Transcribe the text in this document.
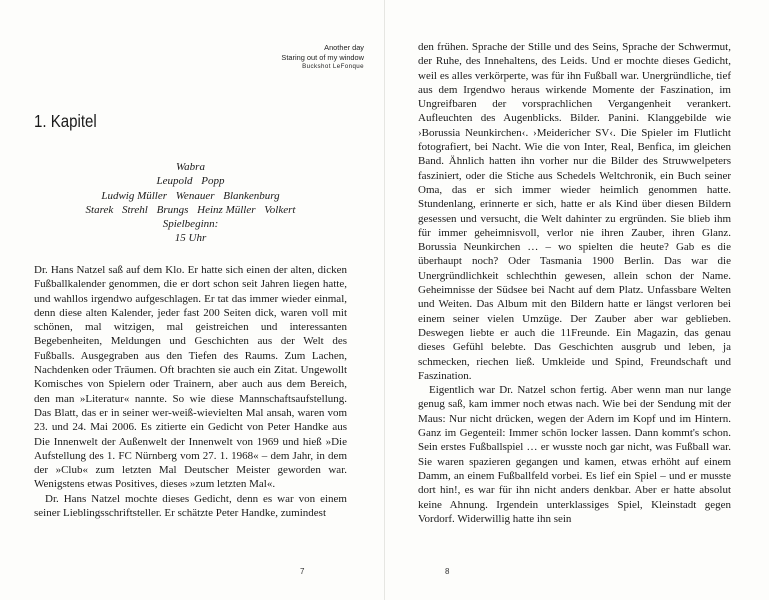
Another day
Staring out of my window
Buckshot LeFonque
1. Kapitel
Wabra
Leupold Popp
Ludwig Müller Wenauer Blankenburg
Starek Strehl Brungs Heinz Müller Volkert
Spielbeginn:
15 Uhr

Dr. Hans Natzel saß auf dem Klo. Er hatte sich einen der alten, dicken Fußballkalender genommen, die er dort schon seit Jahren liegen hatte, und wahllos irgendwo aufgeschlagen. Er tat das immer wieder einmal, denn diese alten Kalender, jeder fast 200 Seiten dick, waren voll mit schönen, mal witzigen, mal geistreichen und interessanten Begebenheiten, Meldungen und Geschichten aus der Welt des Fußballs. Ausgegraben aus den Tiefen des Raums. Zum Lachen, Nachdenken oder Träumen. Oft brachten sie auch ein Zitat. Ungewollt Komisches von Spielern oder Trainern, aber auch aus dem Bereich, den man »Literatur« nannte. So wie diese Mannschaftsaufstellung. Das Blatt, das er in seiner wer-weiß-wievielten Mal ansah, waren vom 23. und 24. Mai 2006. Es zitierte ein Gedicht von Peter Handke aus Die Innenwelt der Außenwelt der Innenwelt von 1969 und hieß »Die Aufstellung des 1. FC Nürnberg vom 27. 1. 1968« – dem Jahr, in dem der »Club« zum letzten Mal Deutscher Meister geworden war. Wenigstens etwas Positives, dieses »zum letzten Mal«.

Dr. Hans Natzel mochte dieses Gedicht, denn es war von einem seiner Lieblingsschriftsteller. Er schätzte Peter Handke, zumindest

7

den frühen. Sprache der Stille und des Seins, Sprache der Schwermut, der Ruhe, des Innehaltens, des Leids. Und er mochte dieses Gedicht, weil es alles verkörperte, was für ihn Fußball war. Unergründliche, tief aus dem Irgendwo heraus wirkende Momente der Faszination, im Ungreifbaren der vorsprachlichen Vergangenheit verankert. Aufleuchten des Augenblicks. Bilder. Panini. Klanggebilde wie ›Borussia Neunkirchen‹. ›Meidericher SV‹. Die Spieler im Flutlicht fotografiert, bei Nacht. Wie die von Inter, Real, Benfica, im gleichen Band. Ähnlich hatten ihn vorher nur die Bilder des Struwwelpeters fasziniert, oder die Stiche aus Schedels Weltchronik, ein Buch seiner Oma, das er sich immer wieder heimlich genommen hatte. Stundenlang, erinnerte er sich, hatte er als Kind über diesen Bildern gesessen und versucht, die Welt dahinter zu ergründen. Sie blieb ihm für immer geheimnisvoll, verlor nie ihren Zauber, ihren Glanz. Borussia Neunkirchen … – wo spielten die heute? Gab es die überhaupt noch? Oder Tasmania 1900 Berlin. Das war die Unergründlichkeit schlechthin gewesen, allein schon der Name. Geheimnisse der Südsee bei Nacht auf dem Platz. Unfassbare Welten und Weiten. Das Album mit den Bildern hatte er längst verloren bei einem seiner vielen Umzüge. Der Zauber aber war geblieben. Deswegen liebte er auch die 11Freunde. Ein Magazin, das genau dieses Gefühl belebte. Das Geschichten ausgrub und leben, ja schmecken, riechen ließ. Umkleide und Spind, Freundschaft und Faszination.

Eigentlich war Dr. Natzel schon fertig. Aber wenn man nur lange genug saß, kam immer noch etwas nach. Wie bei der Sendung mit der Maus: Nur nicht drücken, wegen der Adern im Kopf und im Hintern. Ganz im Gegenteil: Immer schön locker lassen. Dann kommt's schon. Sein erstes Fußballspiel … er wusste noch gar nicht, was Fußball war. Sie waren spazieren gegangen und kamen, etwas erhöht auf einem Damm, an einem Fußballfeld vorbei. Es lief ein Spiel – und er musste dort hin!, es war für ihn nicht anders denkbar. Aber er hatte absolut keine Ahnung. Irgendein unterklassiges Spiel, Kleinstadt gegen Vordorf. Widerwillig hatte ihn sein

8
